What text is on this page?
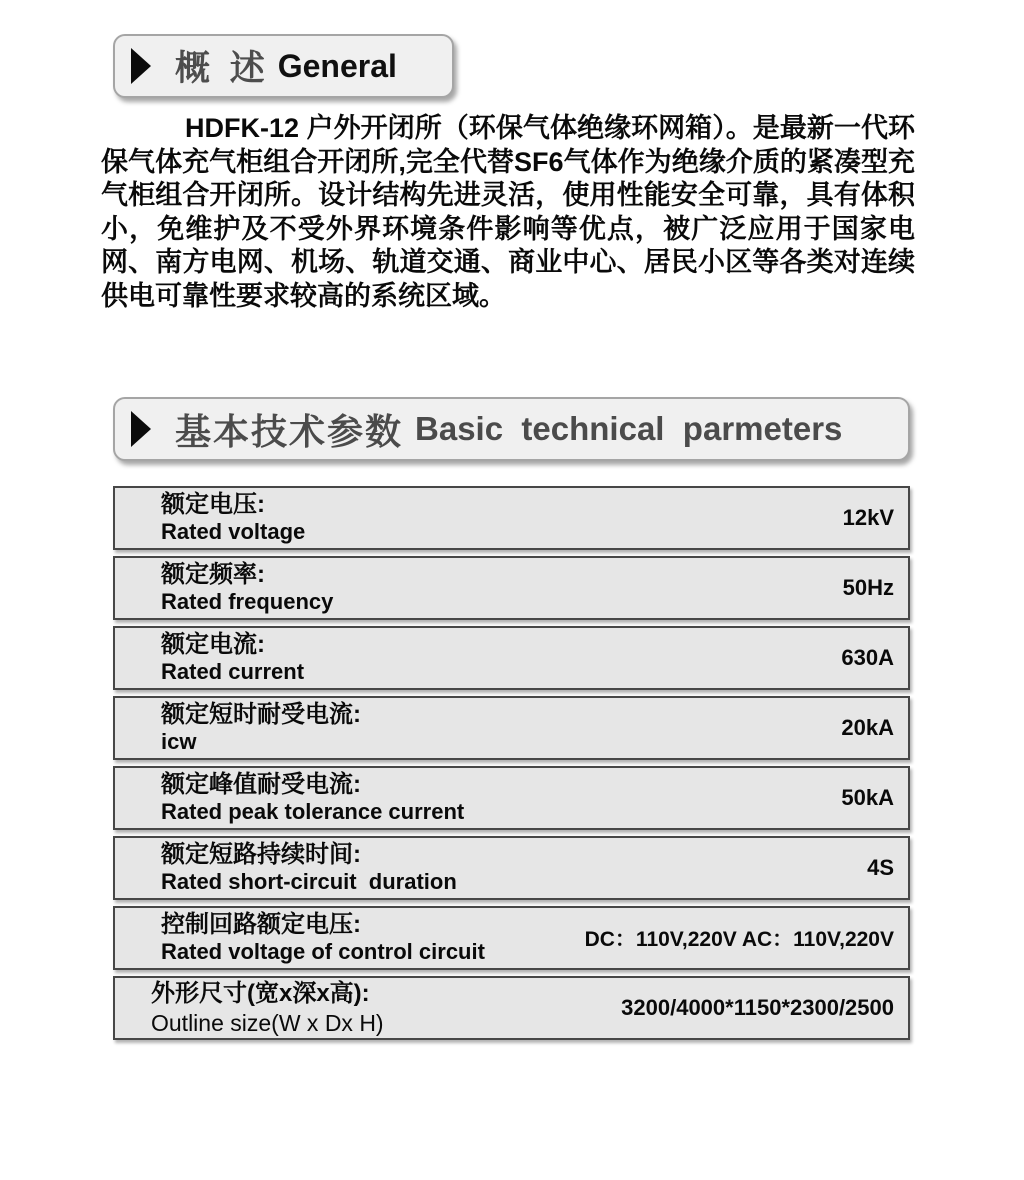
概 述 General
HDFK-12 户外开闭所（环保气体绝缘环网箱）。是最新一代环保气体充气柜组合开闭所,完全代替SF6气体作为绝缘介质的紧凑型充气柜组合开闭所。设计结构先进灵活，使用性能安全可靠，具有体积小，免维护及不受外界环境条件影响等优点，被广泛应用于国家电网、南方电网、机场、轨道交通、商业中心、居民小区等各类对连续供电可靠性要求较高的系统区域。
基本技术参数 Basic  technical  parmeters
额定电压:
Rated voltage
12kV
额定频率:
Rated frequency
50Hz
额定电流:
Rated current
630A
额定短时耐受电流:
icw
20kA
额定峰值耐受电流:
Rated peak tolerance current
50kA
额定短路持续时间:
Rated short-circuit  duration
4S
控制回路额定电压:
Rated voltage of control circuit	DC：110V,220V AC：110V,220V
外形尺寸(宽x深x高):
Outline size(W x Dx H)
3200/4000*1150*2300/2500
